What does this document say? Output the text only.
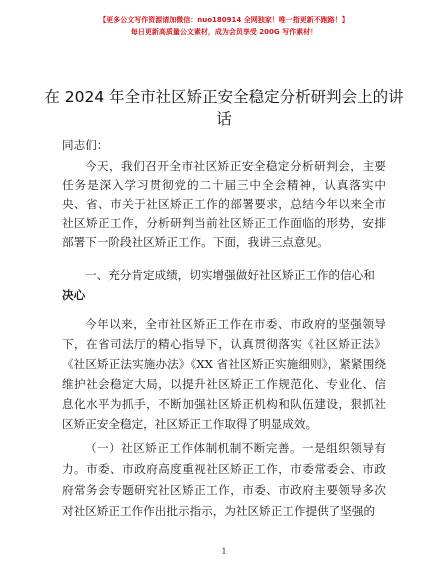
【更多公文写作资源请加微信：nuo180914 全网独家！唯一指更新不跑路！】
每日更新高质量公文素材，成为会员享受 200G 写作素材！
在 2024 年全市社区矫正安全稳定分析研判会上的讲话
同志们：
今天，我们召开全市社区矫正安全稳定分析研判会，主要任务是深入学习贯彻党的二十届三中全会精神，认真落实中央、省、市关于社区矫正工作的部署要求，总结今年以来全市社区矫正工作，分析研判当前社区矫正工作面临的形势，安排部署下一阶段社区矫正工作。下面，我讲三点意见。
一、充分肯定成绩，切实增强做好社区矫正工作的信心和决心
今年以来，全市社区矫正工作在市委、市政府的坚强领导下，在省司法厅的精心指导下，认真贯彻落实《社区矫正法》《社区矫正法实施办法》《XX 省社区矫正实施细则》，紧紧围绕维护社会稳定大局，以提升社区矫正工作规范化、专业化、信息化水平为抓手，不断加强社区矫正机构和队伍建设，狠抓社区矫正安全稳定，社区矫正工作取得了明显成效。
（一）社区矫正工作体制机制不断完善。一是组织领导有力。市委、市政府高度重视社区矫正工作，市委常委会、市政府常务会专题研究社区矫正工作，市委、市政府主要领导多次对社区矫正工作作出批示指示，为社区矫正工作提供了坚强的
1
